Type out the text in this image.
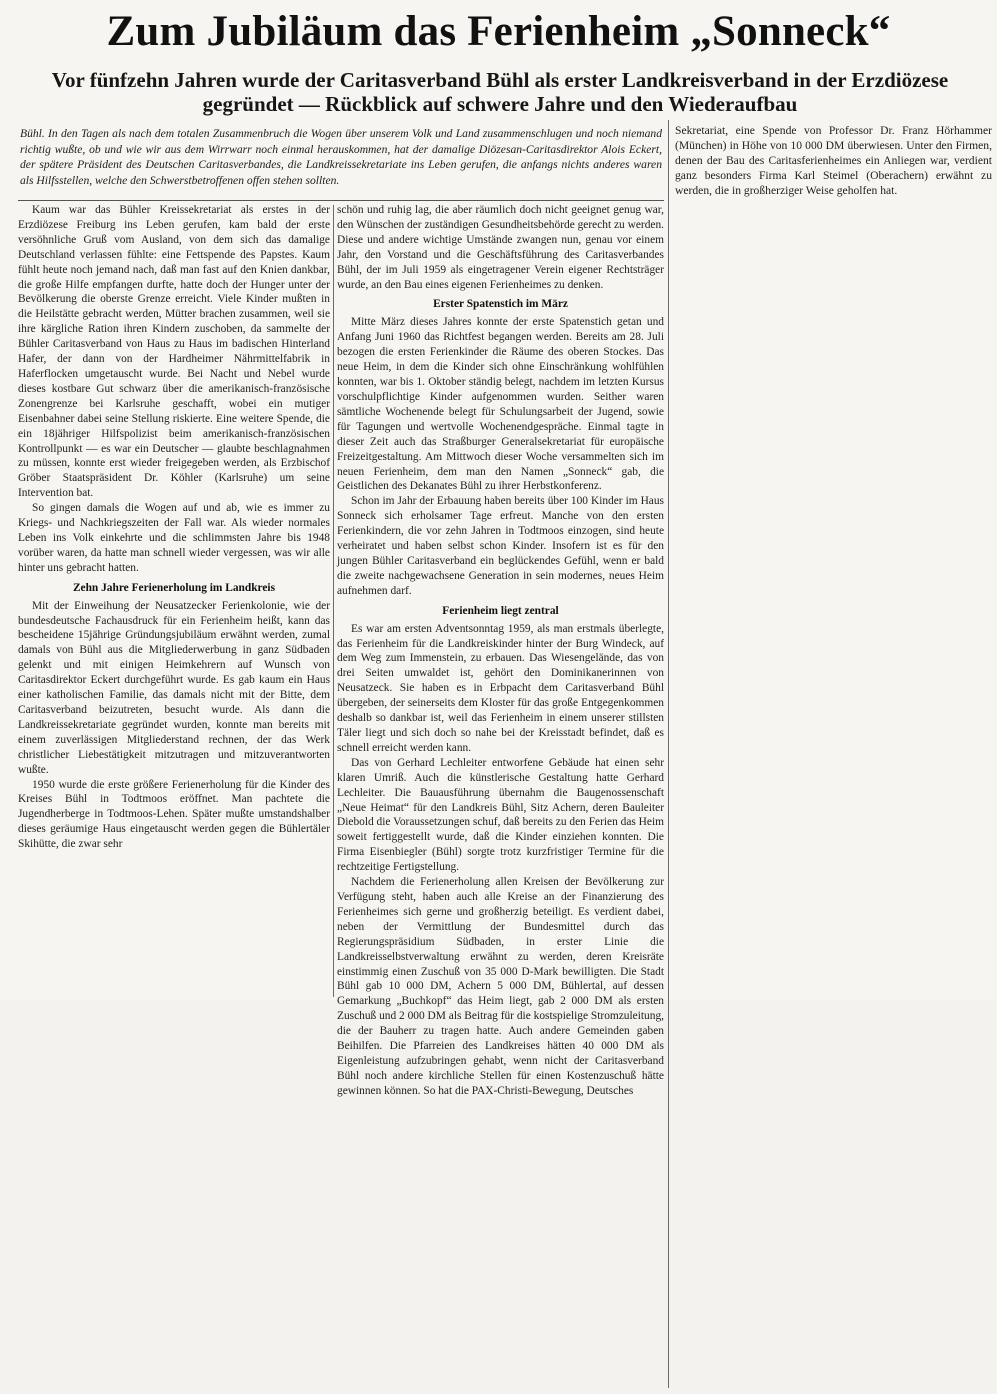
Zum Jubiläum das Ferienheim „Sonneck“
Vor fünfzehn Jahren wurde der Caritasverband Bühl als erster Landkreisverband in der Erzdiözese gegründet — Rückblick auf schwere Jahre und den Wiederaufbau

Bühl. In den Tagen als nach dem totalen Zusammenbruch die Wogen über unserem Volk und Land zusammenschlugen und noch niemand richtig wußte, ob und wie wir aus dem Wirrwarr noch einmal herauskommen, hat der damalige Diözesan-Caritasdirektor Alois Eckert, der spätere Präsident des Deutschen Caritasverbandes, die Landkreissekretariate ins Leben gerufen, die anfangs nichts anderes waren als Hilfsstellen, welche den Schwerstbetroffenen offen stehen sollten.

Kaum war das Bühler Kreissekretariat als erstes in der Erzdiözese Freiburg ins Leben gerufen, kam bald der erste versöhnliche Gruß vom Ausland, von dem sich das damalige Deutschland verlassen fühlte: eine Fettspende des Papstes. Kaum fühlt heute noch jemand nach, daß man fast auf den Knien dankbar, die große Hilfe empfangen durfte, hatte doch der Hunger unter der Bevölkerung die oberste Grenze erreicht. Viele Kinder mußten in die Heilstätte gebracht werden, Mütter brachen zusammen, weil sie ihre kärgliche Ration ihren Kindern zuschoben, da sammelte der Bühler Caritasverband von Haus zu Haus im badischen Hinterland Hafer, der dann von der Hardheimer Nährmittelfabrik in Haferflocken umgetauscht wurde. Bei Nacht und Nebel wurde dieses kostbare Gut schwarz über die amerikanisch-französische Zonengrenze bei Karlsruhe geschafft, wobei ein mutiger Eisenbahner dabei seine Stellung riskierte. Eine weitere Spende, die ein 18jähriger Hilfspolizist beim amerikanisch-französischen Kontrollpunkt — es war ein Deutscher — glaubte beschlagnahmen zu müssen, konnte erst wieder freigegeben werden, als Erzbischof Gröber Staatspräsident Dr. Köhler (Karlsruhe) um seine Intervention bat.

So gingen damals die Wogen auf und ab, wie es immer zu Kriegs- und Nachkriegszeiten der Fall war. Als wieder normales Leben ins Volk einkehrte und die schlimmsten Jahre bis 1948 vorüber waren, da hatte man schnell wieder vergessen, was wir alle hinter uns gebracht hatten.

Zehn Jahre Ferienerholung im Landkreis

Mit der Einweihung der Neusatzecker Ferienkolonie, wie der bundesdeutsche Fachausdruck für ein Ferienheim heißt, kann das bescheidene 15jährige Gründungsjubiläum erwähnt werden, zumal damals von Bühl aus die Mitgliederwerbung in ganz Südbaden gelenkt und mit einigen Heimkehrern auf Wunsch von Caritasdirektor Eckert durchgeführt wurde. Es gab kaum ein Haus einer katholischen Familie, das damals nicht mit der Bitte, dem Caritasverband beizutreten, besucht wurde. Als dann die Landkreissekretariate gegründet wurden, konnte man bereits mit einem zuverlässigen Mitgliederstand rechnen, der das Werk christlicher Liebestätigkeit mitzutragen und mitzuverantworten wußte.

1950 wurde die erste größere Ferienerholung für die Kinder des Kreises Bühl in Todtmoos eröffnet. Man pachtete die Jugendherberge in Todtmoos-Lehen. Später mußte umstandshalber dieses geräumige Haus eingetauscht werden gegen die Bühlertäler Skihütte, die zwar sehr

schön und ruhig lag, die aber räumlich doch nicht geeignet genug war, den Wünschen der zuständigen Gesundheitsbehörde gerecht zu werden. Diese und andere wichtige Umstände zwangen nun, genau vor einem Jahr, den Vorstand und die Geschäftsführung des Caritasverbandes Bühl, der im Juli 1959 als eingetragener Verein eigener Rechtsträger wurde, an den Bau eines eigenen Ferienheimes zu denken.

Erster Spatenstich im März

Mitte März dieses Jahres konnte der erste Spatenstich getan und Anfang Juni 1960 das Richtfest begangen werden. Bereits am 28. Juli bezogen die ersten Ferienkinder die Räume des oberen Stockes. Das neue Heim, in dem die Kinder sich ohne Einschränkung wohlfühlen konnten, war bis 1. Oktober ständig belegt, nachdem im letzten Kursus vorschulpflichtige Kinder aufgenommen wurden. Seither waren sämtliche Wochenende belegt für Schulungsarbeit der Jugend, sowie für Tagungen und wertvolle Wochenendgespräche. Einmal tagte in dieser Zeit auch das Straßburger Generalsekretariat für europäische Freizeitgestaltung. Am Mittwoch dieser Woche versammelten sich im neuen Ferienheim, dem man den Namen „Sonneck“ gab, die Geistlichen des Dekanates Bühl zu ihrer Herbstkonferenz.

Schon im Jahr der Erbauung haben bereits über 100 Kinder im Haus Sonneck sich erholsamer Tage erfreut. Manche von den ersten Ferienkindern, die vor zehn Jahren in Todtmoos einzogen, sind heute verheiratet und haben selbst schon Kinder. Insofern ist es für den jungen Bühler Caritasverband ein beglückendes Gefühl, wenn er bald die zweite nachgewachsene Generation in sein modernes, neues Heim aufnehmen darf.

Ferienheim liegt zentral

Es war am ersten Adventsonntag 1959, als man erstmals überlegte, das Ferienheim für die Landkreiskinder hinter der Burg Windeck, auf dem Weg zum Immenstein, zu erbauen. Das Wiesengelände, das von drei Seiten umwaldet ist, gehört den Dominikanerinnen von Neusatzeck. Sie haben es in Erbpacht dem Caritasverband Bühl übergeben, der seinerseits dem Kloster für das große Entgegenkommen deshalb so dankbar ist, weil das Ferienheim in einem unserer stillsten Täler liegt und sich doch so nahe bei der Kreisstadt befindet, daß es schnell erreicht werden kann.

Das von Gerhard Lechleiter entworfene Gebäude hat einen sehr klaren Umriß. Auch die künstlerische Gestaltung hatte Gerhard Lechleiter. Die Bauausführung übernahm die Baugenossenschaft „Neue Heimat“ für den Landkreis Bühl, Sitz Achern, deren Bauleiter Diebold die Voraussetzungen schuf, daß bereits zu den Ferien das Heim soweit fertiggestellt wurde, daß die Kinder einziehen konnten. Die Firma Eisenbiegler (Bühl) sorgte trotz kurzfristiger Termine für die rechtzeitige Fertigstellung.

Nachdem die Ferienerholung allen Kreisen der Bevölkerung zur Verfügung steht, haben auch alle Kreise an der Finanzierung des Ferienheimes sich gerne und großherzig beteiligt. Es verdient dabei, neben der Vermittlung der Bundesmittel durch das Regierungspräsidium Südbaden, in erster Linie die Landkreisselbstverwaltung erwähnt zu werden, deren Kreisräte einstimmig einen Zuschuß von 35 000 D-Mark bewilligten. Die Stadt Bühl gab 10 000 DM, Achern 5 000 DM, Bühlertal, auf dessen Gemarkung „Buchkopf“ das Heim liegt, gab 2 000 DM als ersten Zuschuß und 2 000 DM als Beitrag für die kostspielige Stromzuleitung, die der Bauherr zu tragen hatte. Auch andere Gemeinden gaben Beihilfen. Die Pfarreien des Landkreises hätten 40 000 DM als Eigenleistung aufzubringen gehabt, wenn nicht der Caritasverband Bühl noch andere kirchliche Stellen für einen Kostenzuschuß hätte gewinnen können. So hat die PAX-Christi-Bewegung, Deutsches

Sekretariat, eine Spende von Professor Dr. Franz Hörhammer (München) in Höhe von 10 000 DM überwiesen. Unter den Firmen, denen der Bau des Caritasferienheimes ein Anliegen war, verdient ganz besonders Firma Karl Steimel (Oberachern) erwähnt zu werden, die in großherziger Weise geholfen hat.
